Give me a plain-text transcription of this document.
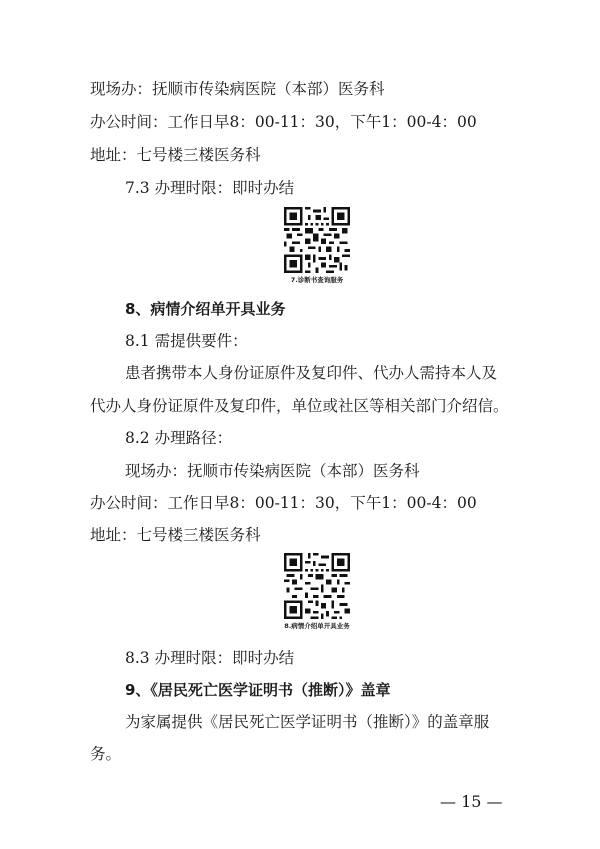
现场办：抚顺市传染病医院（本部）医务科
办公时间：工作日早8：00-11：30，下午1：00-4：00
地址：七号楼三楼医务科
7.3 办理时限：即时办结
7.诊断书查询服务
8、病情介绍单开具业务
8.1 需提供要件：
患者携带本人身份证原件及复印件、代办人需持本人及
代办人身份证原件及复印件，单位或社区等相关部门介绍信。
8.2 办理路径：
现场办：抚顺市传染病医院（本部）医务科
办公时间：工作日早8：00-11：30，下午1：00-4：00
地址：七号楼三楼医务科
8.病情介绍单开具业务
8.3 办理时限：即时办结
9、《居民死亡医学证明书（推断）》盖章
为家属提供《居民死亡医学证明书（推断）》的盖章服
务。
— 15 —
